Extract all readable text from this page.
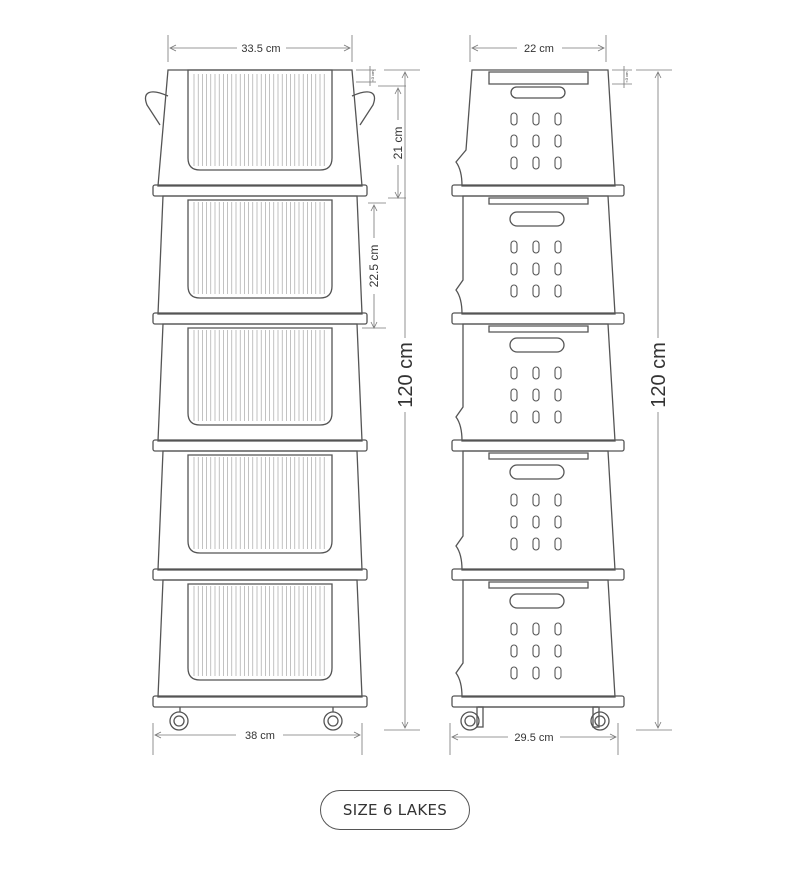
33.5 cm
≈3 cm
21 cm
22.5 cm
120 cm
38 cm
22 cm
≈3 cm
120 cm
29.5 cm
SIZE 6 LAKES
